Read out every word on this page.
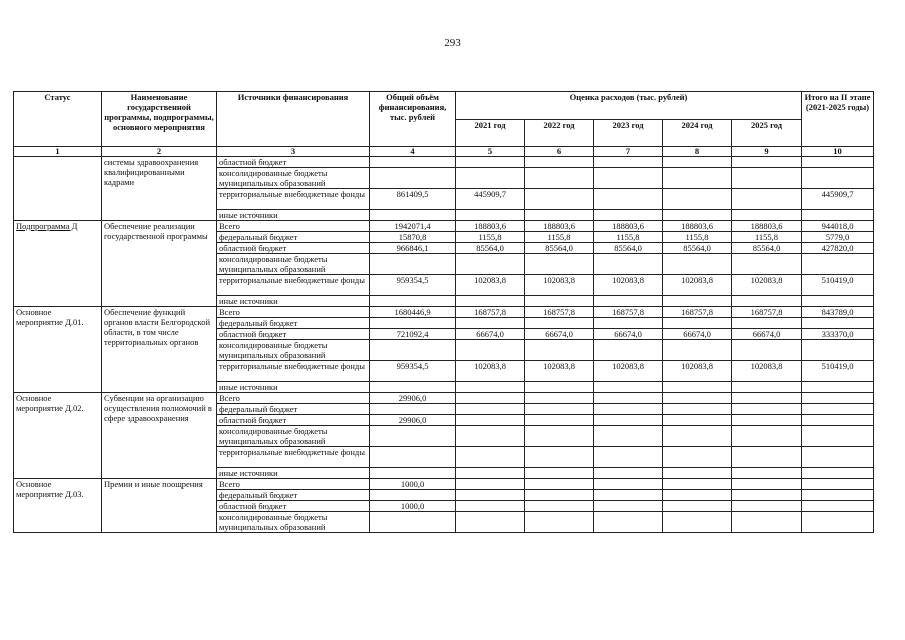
293
Статус	Наименование государственной программы, подпрограммы, основного мероприятия	Источники финансирования	Общий объём финансирования, тыс. рублей	Оценка расходов (тыс. рублей)					Итого на II этапе (2021-2025 годы)
				2021 год	2022 год	2023 год	2024 год	2025 год	
1	2	3	4	5	6	7	8	9	10
	системы здравоохранения квалифицированными кадрами	областной бюджет							
		консолидированные бюджеты муниципальных образований							
		территориальные внебюджетные фонды	861409,5	445909,7					445909,7
		иные источники							
Подпрограмма Д	Обеспечение реализации государственной программы	Всего	1942071,4	188803,6	188803,6	188803,6	188803,6	188803,6	944018,0
		федеральный бюджет	15870,8	1155,8	1155,8	1155,8	1155,8	1155,8	5779,0
		областной бюджет	966846,1	85564,0	85564,0	85564,0	85564,0	85564,0	427820,0
		консолидированные бюджеты муниципальных образований							
		территориальные внебюджетные фонды	959354,5	102083,8	102083,8	102083,8	102083,8	102083,8	510419,0
		иные источники							
Основное мероприятие Д.01.	Обеспечение функций органов власти Белгородской области, в том числе территориальных органов	Всего	1680446,9	168757,8	168757,8	168757,8	168757,8	168757,8	843789,0
		федеральный бюджет							
		областной бюджет	721092,4	66674,0	66674,0	66674,0	66674,0	66674,0	333370,0
		консолидированные бюджеты муниципальных образований							
		территориальные внебюджетные фонды	959354,5	102083,8	102083,8	102083,8	102083,8	102083,8	510419,0
		иные источники							
Основное мероприятие Д.02.	Субвенции на организацию осуществления полномочий в сфере здравоохранения	Всего	29906,0						
		федеральный бюджет							
		областной бюджет	29906,0						
		консолидированные бюджеты муниципальных образований							
		территориальные внебюджетные фонды							
		иные источники							
Основное мероприятие Д.03.	Премии и иные поощрения	Всего	1000,0						
		федеральный бюджет							
		областной бюджет	1000,0						
		консолидированные бюджеты муниципальных образований							
